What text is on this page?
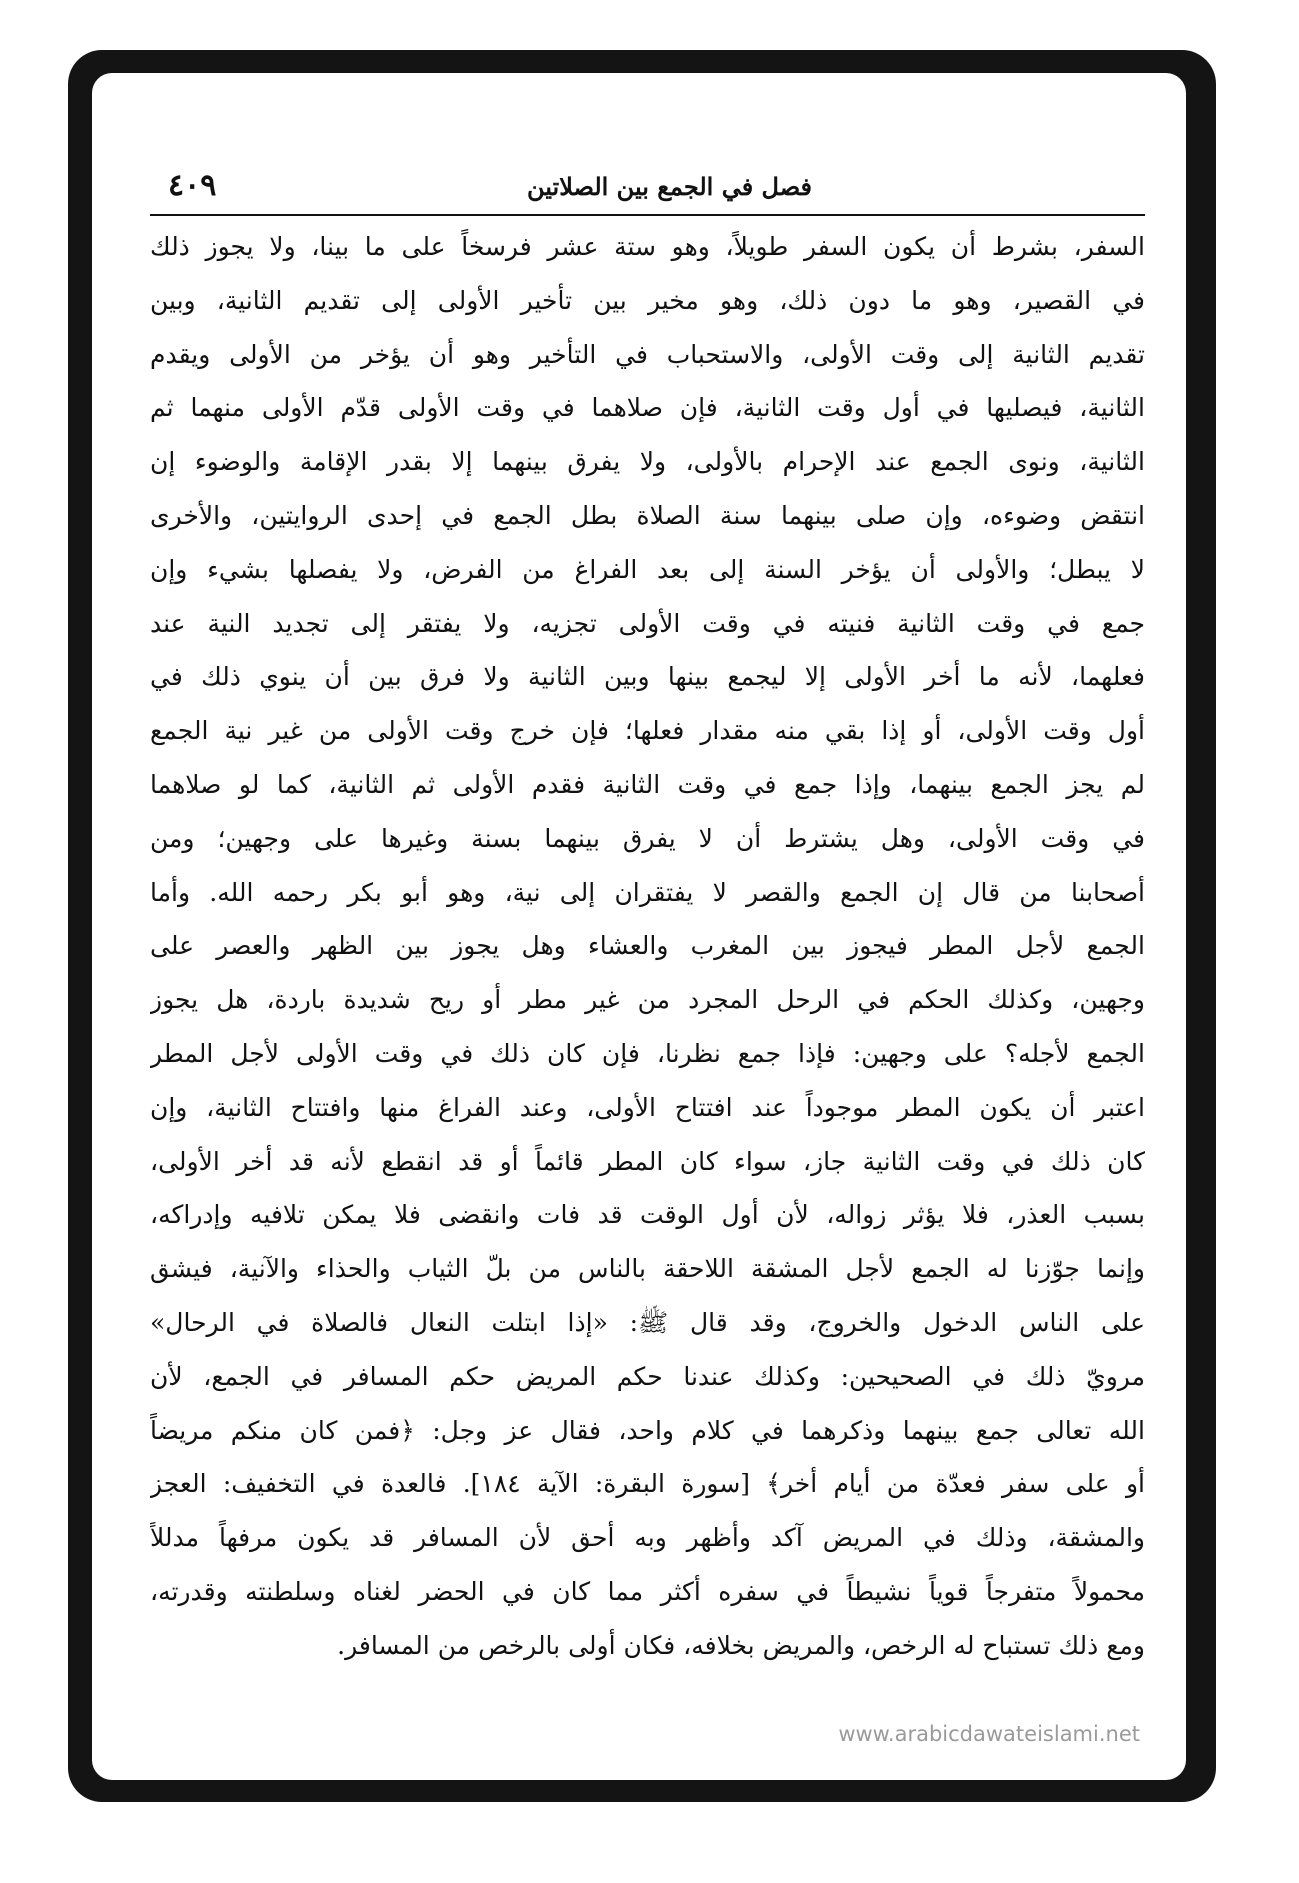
فصل في الجمع بين الصلاتين
٤٠٩
السفر، بشرط أن يكون السفر طويلاً، وهو ستة عشر فرسخاً على ما بينا، ولا يجوز ذلك
في القصير، وهو ما دون ذلك، وهو مخير بين تأخير الأولى إلى تقديم الثانية، وبين
تقديم الثانية إلى وقت الأولى، والاستحباب في التأخير وهو أن يؤخر من الأولى ويقدم
الثانية، فيصليها في أول وقت الثانية، فإن صلاهما في وقت الأولى قدّم الأولى منهما ثم
الثانية، ونوى الجمع عند الإحرام بالأولى، ولا يفرق بينهما إلا بقدر الإقامة والوضوء إن
انتقض وضوءه، وإن صلى بينهما سنة الصلاة بطل الجمع في إحدى الروايتين، والأخرى
لا يبطل؛ والأولى أن يؤخر السنة إلى بعد الفراغ من الفرض، ولا يفصلها بشيء وإن
جمع في وقت الثانية فنيته في وقت الأولى تجزيه، ولا يفتقر إلى تجديد النية عند
فعلهما، لأنه ما أخر الأولى إلا ليجمع بينها وبين الثانية ولا فرق بين أن ينوي ذلك في
أول وقت الأولى، أو إذا بقي منه مقدار فعلها؛ فإن خرج وقت الأولى من غير نية الجمع
لم يجز الجمع بينهما، وإذا جمع في وقت الثانية فقدم الأولى ثم الثانية، كما لو صلاهما
في وقت الأولى، وهل يشترط أن لا يفرق بينهما بسنة وغيرها على وجهين؛ ومن
أصحابنا من قال إن الجمع والقصر لا يفتقران إلى نية، وهو أبو بكر رحمه الله. وأما
الجمع لأجل المطر فيجوز بين المغرب والعشاء وهل يجوز بين الظهر والعصر على
وجهين، وكذلك الحكم في الرحل المجرد من غير مطر أو ريح شديدة باردة، هل يجوز
الجمع لأجله؟ على وجهين: فإذا جمع نظرنا، فإن كان ذلك في وقت الأولى لأجل المطر
اعتبر أن يكون المطر موجوداً عند افتتاح الأولى، وعند الفراغ منها وافتتاح الثانية، وإن
كان ذلك في وقت الثانية جاز، سواء كان المطر قائماً أو قد انقطع لأنه قد أخر الأولى،
بسبب العذر، فلا يؤثر زواله، لأن أول الوقت قد فات وانقضى فلا يمكن تلافيه وإدراكه،
وإنما جوّزنا له الجمع لأجل المشقة اللاحقة بالناس من بلّ الثياب والحذاء والآنية، فيشق
على الناس الدخول والخروج، وقد قال ﷺ: «إذا ابتلت النعال فالصلاة في الرحال»
مرويّ ذلك في الصحيحين: وكذلك عندنا حكم المريض حكم المسافر في الجمع، لأن
الله تعالى جمع بينهما وذكرهما في كلام واحد، فقال عز وجل: ﴿فمن كان منكم مريضاً
أو على سفر فعدّة من أيام أخر﴾ [سورة البقرة: الآية ١٨٤]. فالعدة في التخفيف: العجز
والمشقة، وذلك في المريض آكد وأظهر وبه أحق لأن المسافر قد يكون مرفهاً مدللاً
محمولاً متفرجاً قوياً نشيطاً في سفره أكثر مما كان في الحضر لغناه وسلطنته وقدرته،
ومع ذلك تستباح له الرخص، والمريض بخلافه، فكان أولى بالرخص من المسافر.
www.arabicdawateislami.net
